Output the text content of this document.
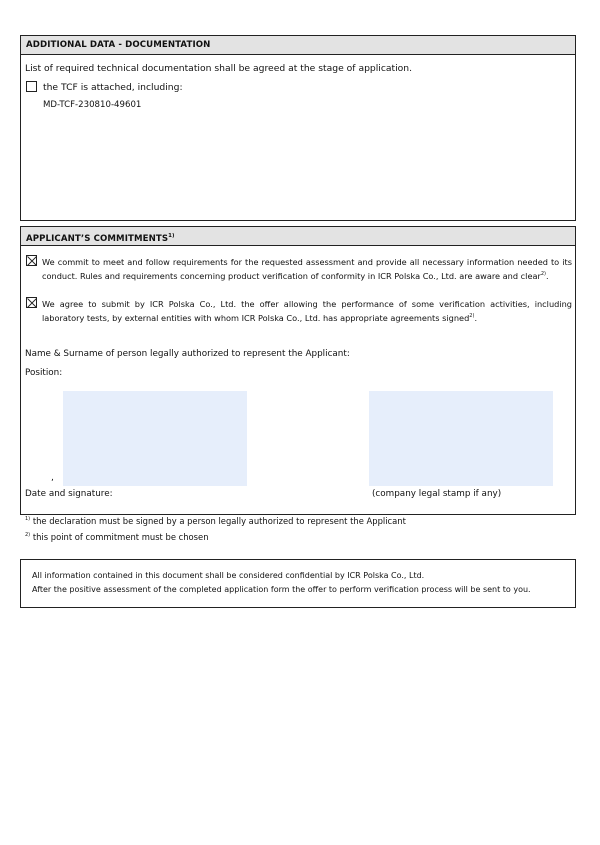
ADDITIONAL DATA - DOCUMENTATION
List of required technical documentation shall be agreed at the stage of application.
the TCF is attached, including:
MD-TCF-230810-49601
APPLICANT’S COMMITMENTS$^{1)}$
We commit to meet and follow requirements for the requested assessment and provide all necessary information needed to its conduct. Rules and requirements concerning product verification of conformity in ICR Polska Co., Ltd. are aware and clear$^{2)}$.
We agree to submit by ICR Polska Co., Ltd. the offer allowing the performance of some verification activities, including laboratory tests, by external entities with whom ICR Polska Co., Ltd. has appropriate agreements signed$^{2)}$.
Name & Surname of person legally authorized to represent the Applicant:
Position:
,
Date and signature:	(company legal stamp if any)
$^{1)}$ the declaration must be signed by a person legally authorized to represent the Applicant
$^{2)}$ this point of commitment must be chosen
All information contained in this document shall be considered confidential by ICR Polska Co., Ltd.
After the positive assessment of the completed application form the offer to perform verification process will be sent to you.
